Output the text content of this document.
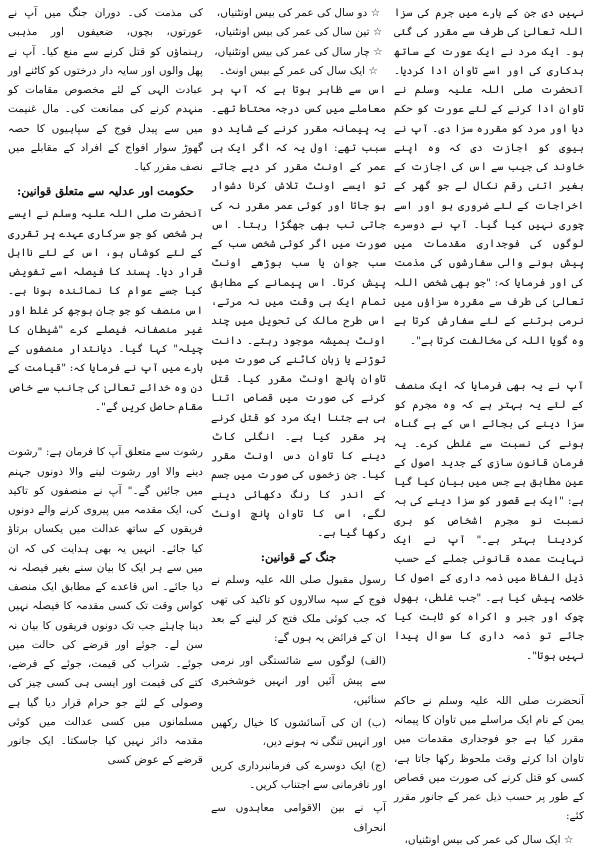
نہیں دی جن کے بارے میں جرم کی سزا اللہ تعالیٰ کی طرف سے مقرر کی گئی ہو۔ ایک مرد نے ایک عورت کے ساتھ بدکاری کی اور اسے تاوان ادا کردیا۔ آنحضرت صلی اللہ علیہ وسلم نے تاوان ادا کرنے کے لئے عورت کو حکم دیا اور مرد کو مقررہ سزا دی۔ آپ نے بیوی کو اجازت دی کہ وہ اپنے خاوند کی جیب سے اس کی اجازت کے بغیر اتنی رقم نکال لے جو گھر کے اخراجات کے لئے ضروری ہو اور اسے چوری نہیں کیا گیا۔ آپ نے دوسرے لوگوں کی فوجداری مقدمات میں پیش ہونے والی سفارشوں کی مذمت کی اور فرمایا کہ: "جو بھی شخص اللہ تعالیٰ کی طرف سے مقررہ سزاؤں میں نرمی برتنے کے لئے سفارش کرتا ہے وہ گویا اللہ کی مخالفت کرتا ہے"۔

آپ نے یہ بھی فرمایا کہ ایک منصف کے لئے یہ بہتر ہے کہ وہ مجرم کو سزا دینے کی بجائے اس کے بے گناہ ہونے کی نسبت سے غلطی کرے۔ یہ فرمان قانون سازی کے جدید اصول کے عین مطابق ہے جس میں بیان کیا گیا ہے: "ایک بے قصور کو سزا دینے کی بہ نسبت نو مجرم اشخاص کو بری کردینا بہتر ہے۔" آپ نے ایک نہایت عمدہ قانونی جملے کے حسب ذیل الفاظ میں ذمہ داری کے اصول کا خلاصہ پیش کیا ہے۔ "جب غلطی، بھول چوک اور جبر و اکراہ کو ثابت کیا جائے تو ذمہ داری کا سوال پیدا نہیں ہوتا"۔

آنحضرت صلی اللہ علیہ وسلم نے حاکم یمن کے نام ایک مراسلے میں تاوان کا پیمانہ مقرر کیا ہے جو فوجداری مقدمات میں تاوان ادا کرتے وقت ملحوظ رکھا جاتا ہے، کسی کو قتل کرنے کی صورت میں قصاص کے طور پر حسب ذیل عمر کے جانور مقرر کئے:

☆ ایک سال کی عمر کی بیس اونٹنیاں،
☆ دو سال کی عمر کی بیس اونٹنیاں،
☆ تین سال کی عمر کی بیس اونٹنیاں،
☆ چار سال کی عمر کی بیس اونٹنیاں،
☆ ایک سال کی عمر کے بیس اونٹ۔

اس سے ظاہر ہوتا ہے کہ آپ ہر معاملے میں کس درجہ محتاط تھے۔ یہ پیمانہ مقرر کرنے کے شاید دو سبب تھے: اول یہ کہ اگر ایک ہی عمر کے اونٹ مقرر کر دیے جاتے تو ایسے اونٹ تلاش کرنا دشوار ہو جاتا اور کوئی عمر مقرر نہ کی جاتی تب بھی جھگڑا رہتا۔ اس صورت میں اگر کوئی شخص سب کے سب جوان یا سب بوڑھے اونٹ پیش کرتا۔ اس پیمانے کے مطابق تمام ایک ہی وقت میں نہ مرتے، اس طرح مالک کی تحویل میں چند اونٹ ہمیشہ موجود رہتے۔ دانت توڑنے یا زبان کاٹنے کی صورت میں تاوان پانچ اونٹ مقرر کیا۔ قتل کرنے کی صورت میں قصاص اتنا ہی ہے جتنا ایک مرد کو قتل کرنے پر مقرر کیا ہے۔ انگلی کاٹ دینے کا تاوان دس اونٹ مقرر کیا۔ جن زخموں کی صورت میں جسم کے اندر کا رنگ دکھائی دینے لگے، اس کا تاوان پانچ اونٹ رکھا گیا ہے۔

جنگ کے قوانین:

رسول مقبول صلی اللہ علیہ وسلم نے فوج کے سپہ سالاروں کو تاکید کی تھی کہ جب کوئی ملک فتح کر لینے کے بعد ان کے فرائض یہ ہوں گے:

(الف) لوگوں سے شائستگی اور نرمی سے پیش آئیں اور انہیں خوشخبری سنائیں،

(ب) ان کی آسائشوں کا خیال رکھیں اور انہیں تنگی نہ ہونے دیں،

(ج) ایک دوسرے کی فرمانبرداری کریں اور نافرمانی سے اجتناب کریں۔

آپ نے بین الاقوامی معاہدوں سے انحراف

کی مذمت کی۔ دوران جنگ میں آپ نے عورتوں، بچوں، ضعیفوں اور مذہبی رہنماؤں کو قتل کرنے سے منع کیا۔ آپ نے پھل والوں اور سایہ دار درختوں کو کاٹنے اور عبادت الہی کے لئے مخصوص مقامات کو منہدم کرنے کی ممانعت کی۔ مال غنیمت میں سے پیدل فوج کے سپاہیوں کا حصہ گھوڑ سوار افواج کے افراد کے مقابلے میں نصف مقرر کیا۔

حکومت اور عدلیہ سے متعلق قوانین:

آنحضرت صلی اللہ علیہ وسلم نے ایسے ہر شخص کو جو سرکاری عہدے پر تقرری کے لئے کوشاں ہو، اس کے لئے نااہل قرار دیا۔ پسند کا فیصلہ اسے تفویض کیا جسے عوام کا نمائندہ ہونا ہے۔ اس منصف کو جو جان بوجھ کر غلط اور غیر منصفانہ فیصلے کرے "شیطان کا چیلہ" کہا گیا۔ دیانتدار منصفوں کے بارے میں آپ نے فرمایا کہ: "قیامت کے دن وہ خدائے تعالیٰ کی جانب سے خاص مقام حاصل کریں گے"۔

رشوت سے متعلق آپ کا فرمان ہے: "رشوت دینے والا اور رشوت لینے والا دونوں جہنم میں جائیں گے۔" آپ نے منصفوں کو تاکید کی، ایک مقدمہ میں پیروی کرنے والے دونوں فریقوں کے ساتھ عدالت میں یکساں برتاؤ کیا جائے۔ انہیں یہ بھی ہدایت کی کہ ان میں سے ہر ایک کا بیان سنے بغیر فیصلہ نہ دیا جائے۔ اس قاعدے کے مطابق ایک منصف کواس وقت تک کسی مقدمہ کا فیصلہ نہیں دینا چاہئے جب تک دونوں فریقوں کا بیان نہ سن لے۔ جوئے اور قرضے کی حالت میں جوئے۔ شراب کی قیمت، جوئے کے قرضے، کتے کی قیمت اور ایسی ہی کسی چیز کی وصولی کے لئے جو حرام قرار دیا گیا ہے مسلمانوں میں کسی عدالت میں کوئی مقدمہ دائر نہیں کیا جاسکتا۔ ایک جانور قرضے کے عوض کسی
